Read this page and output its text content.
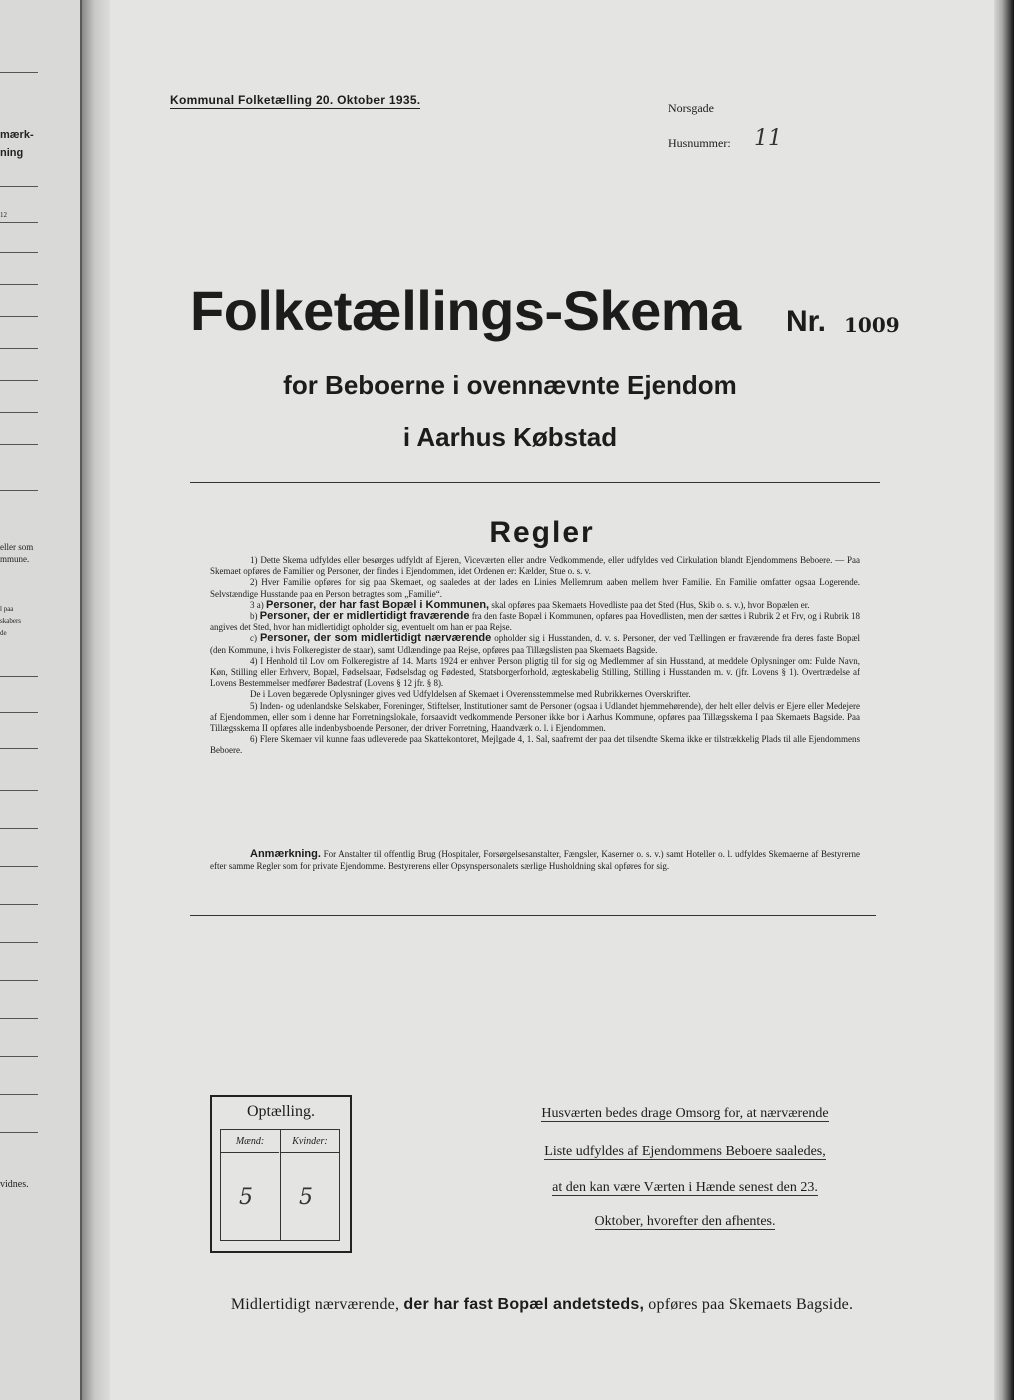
mærk-
ning
12
eller som
mmune.
l paa
skabers
de
vidnes.
Kommunal Folketælling 20. Oktober 1935.
Norsgade
Husnummer: 11
Folketællings-Skema Nr. 1009
for Beboerne i ovennævnte Ejendom
i Aarhus Købstad
Regler

1) Dette Skema udfyldes eller besørges udfyldt af Ejeren, Viceværten eller andre Vedkommende, eller udfyldes ved Cirkulation blandt Ejendommens Beboere. — Paa Skemaet opføres de Familier og Personer, der findes i Ejendommen, idet Ordenen er: Kælder, Stue o. s. v.

2) Hver Familie opføres for sig paa Skemaet, og saaledes at der lades en Linies Mellemrum aaben mellem hver Familie. En Familie omfatter ogsaa Logerende. Selvstændige Husstande paa en Person betragtes som „Familie“.

3 a) Personer, der har fast Bopæl i Kommunen, skal opføres paa Skemaets Hovedliste paa det Sted (Hus, Skib o. s. v.), hvor Bopælen er.

b) Personer, der er midlertidigt fraværende fra den faste Bopæl i Kommunen, opføres paa Hovedlisten, men der sættes i Rubrik 2 et Frv, og i Rubrik 18 angives det Sted, hvor han midlertidigt opholder sig, eventuelt om han er paa Rejse.

c) Personer, der som midlertidigt nærværende opholder sig i Husstanden, d. v. s. Personer, der ved Tællingen er fraværende fra deres faste Bopæl (den Kommune, i hvis Folkeregister de staar), samt Udlændinge paa Rejse, opføres paa Tillægslisten paa Skemaets Bagside.

4) I Henhold til Lov om Folkeregistre af 14. Marts 1924 er enhver Person pligtig til for sig og Medlemmer af sin Husstand, at meddele Oplysninger om: Fulde Navn, Køn, Stilling eller Erhverv, Bopæl, Fødselsaar, Fødselsdag og Fødested, Statsborgerforhold, ægteskabelig Stilling, Stilling i Husstanden m. v. (jfr. Lovens § 1). Overtrædelse af Lovens Bestemmelser medfører Bødestraf (Lovens § 12 jfr. § 8).

De i Loven begærede Oplysninger gives ved Udfyldelsen af Skemaet i Overensstemmelse med Rubrikkernes Overskrifter.

5) Inden- og udenlandske Selskaber, Foreninger, Stiftelser, Institutioner samt de Personer (ogsaa i Udlandet hjemmehørende), der helt eller delvis er Ejere eller Medejere af Ejendommen, eller som i denne har Forretningslokale, forsaavidt vedkommende Personer ikke bor i Aarhus Kommune, opføres paa Tillægsskema I paa Skemaets Bagside. Paa Tillægsskema II opføres alle indenbysboende Personer, der driver Forretning, Haandværk o. l. i Ejendommen.

6) Flere Skemaer vil kunne faas udleverede paa Skattekontoret, Mejlgade 4, 1. Sal, saafremt der paa det tilsendte Skema ikke er tilstrækkelig Plads til alle Ejendommens Beboere.

Anmærkning. For Anstalter til offentlig Brug (Hospitaler, Forsørgelsesanstalter, Fængsler, Kaserner o. s. v.) samt Hoteller o. l. udfyldes Skemaerne af Bestyrerne efter samme Regler som for private Ejendomme. Bestyrerens eller Opsynspersonalets særlige Husholdning skal opføres for sig.

Optælling.
Mænd:
5
Kvinder:
5
Husværten bedes drage Omsorg for, at nærværende
Liste udfyldes af Ejendommens Beboere saaledes,
at den kan være Værten i Hænde senest den 23.
Oktober, hvorefter den afhentes.
Midlertidigt nærværende, der har fast Bopæl andetsteds, opføres paa Skemaets Bagside.
